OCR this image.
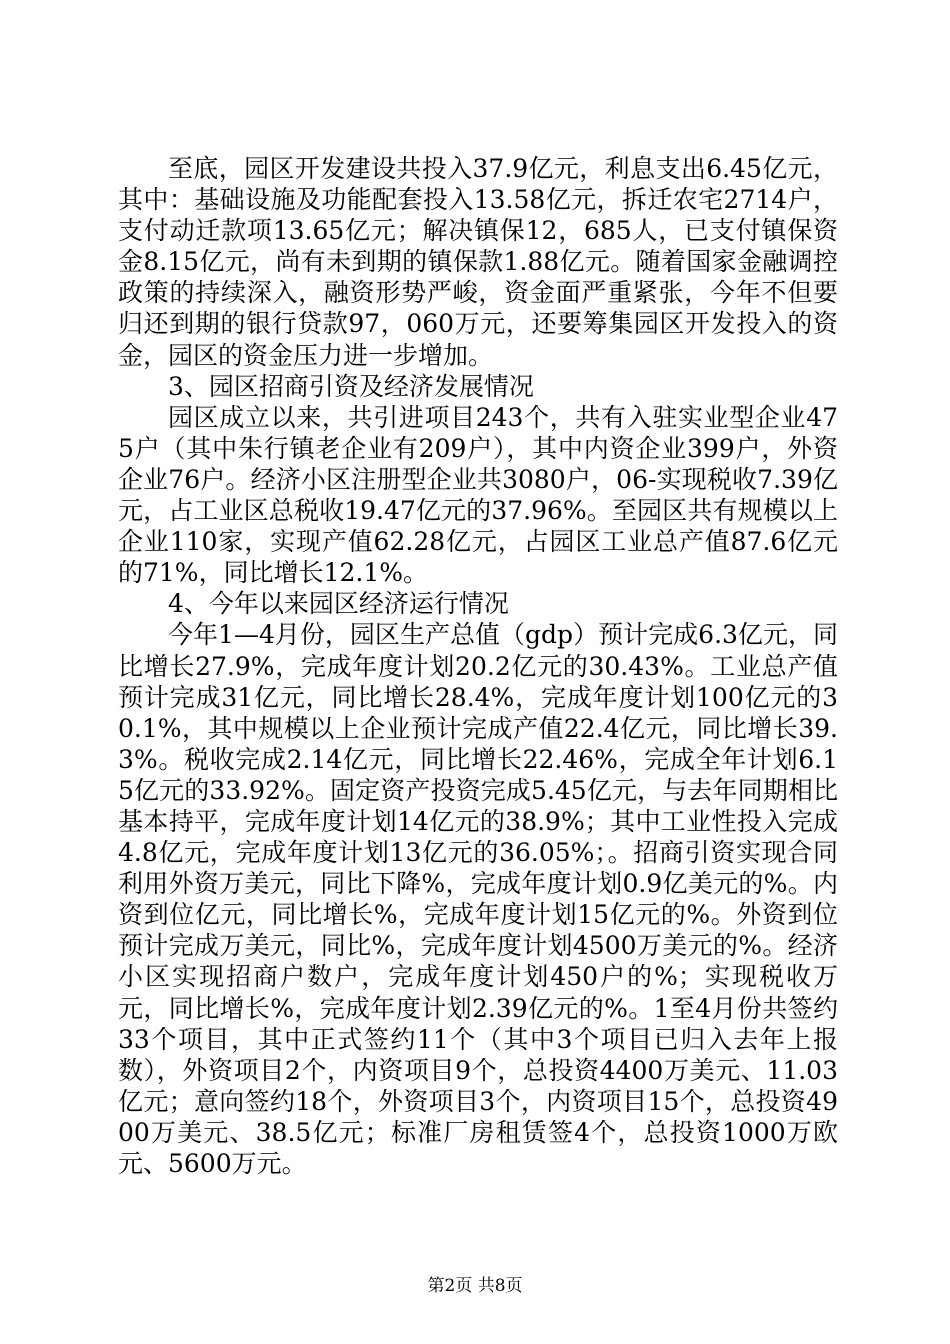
至底，园区开发建设共投入37.9亿元，利息支出6.45亿元，其中：基础设施及功能配套投入13.58亿元，拆迁农宅2714户，支付动迁款项13.65亿元；解决镇保12，685人，已支付镇保资金8.15亿元，尚有未到期的镇保款1.88亿元。随着国家金融调控政策的持续深入，融资形势严峻，资金面严重紧张，今年不但要归还到期的银行贷款97，060万元，还要筹集园区开发投入的资金，园区的资金压力进一步增加。

3、园区招商引资及经济发展情况

园区成立以来，共引进项目243个，共有入驻实业型企业475户（其中朱行镇老企业有209户），其中内资企业399户，外资企业76户。经济小区注册型企业共3080户，06-实现税收7.39亿元，占工业区总税收19.47亿元的37.96%。至园区共有规模以上企业110家，实现产值62.28亿元，占园区工业总产值87.6亿元的71%，同比增长12.1%。

4、今年以来园区经济运行情况

今年1—4月份，园区生产总值（gdp）预计完成6.3亿元，同比增长27.9%，完成年度计划20.2亿元的30.43%。工业总产值预计完成31亿元，同比增长28.4%，完成年度计划100亿元的30.1%，其中规模以上企业预计完成产值22.4亿元，同比增长39.3%。税收完成2.14亿元，同比增长22.46%，完成全年计划6.15亿元的33.92%。固定资产投资完成5.45亿元，与去年同期相比基本持平，完成年度计划14亿元的38.9%；其中工业性投入完成4.8亿元，完成年度计划13亿元的36.05%；。招商引资实现合同利用外资万美元，同比下降%，完成年度计划0.9亿美元的%。内资到位亿元，同比增长%，完成年度计划15亿元的%。外资到位预计完成万美元，同比%，完成年度计划4500万美元的%。经济小区实现招商户数户，完成年度计划450户的%；实现税收万元，同比增长%，完成年度计划2.39亿元的%。1至4月份共签约33个项目，其中正式签约11个（其中3个项目已归入去年上报数），外资项目2个，内资项目9个，总投资4400万美元、11.03亿元；意向签约18个，外资项目3个，内资项目15个，总投资4900万美元、38.5亿元；标准厂房租赁签4个，总投资1000万欧元、5600万元。

第2页 共8页
